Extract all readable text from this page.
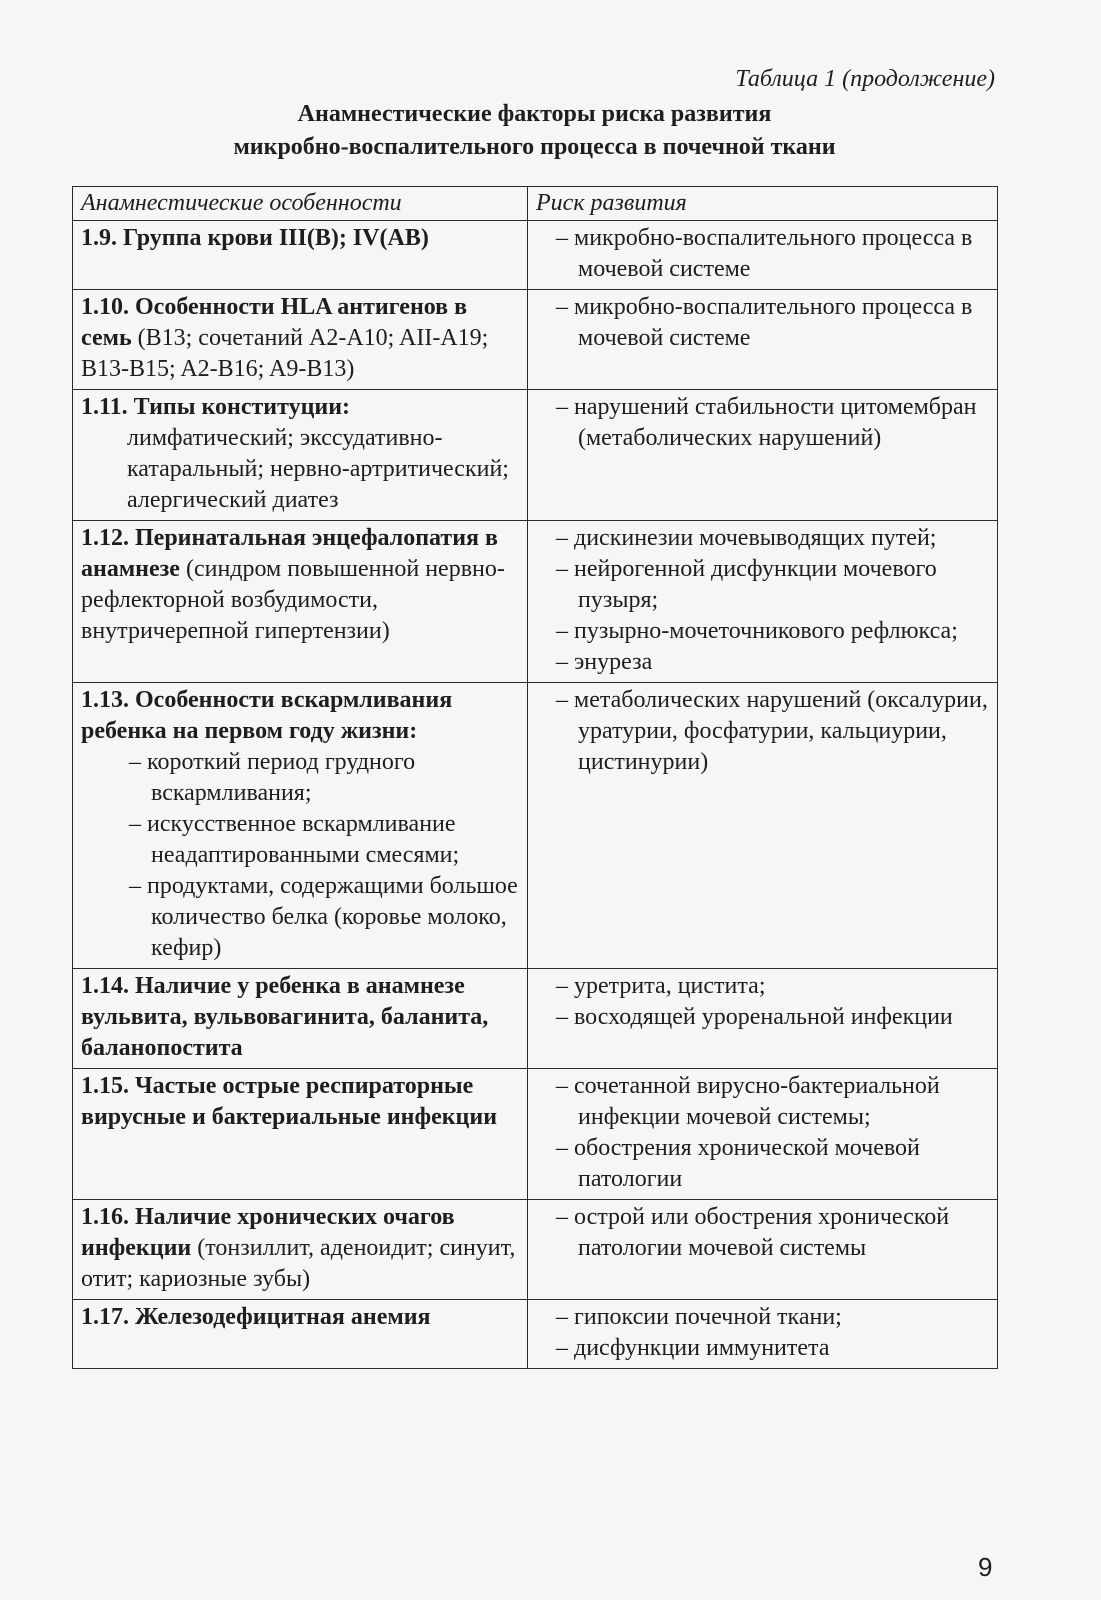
Таблица 1 (продолжение)
Анамнестические факторы риска развития
микробно-воспалительного процесса в почечной ткани
Анамнестические особенности	Риск развития
1.9. Группа крови III(B); IV(AB)	– микробно-воспалительного процесса в мочевой системе

1.10. Особенности HLA антигенов в семь (B13; сочетаний A2-A10; AII-A19; B13-B15; A2-B16; A9-B13)	– микробно-воспалительного процесса в мочевой системе

1.11. Типы конституции:
лимфатический; экссудативно-катаральный; нервно-артритический; алергический диатез	– нарушений стабильности цитомембран (метаболических нарушений)

1.12. Перинатальная энцефалопатия в анамнезе (синдром повышенной нервно-рефлекторной возбудимости, внутричерепной гипертензии)	– дискинезии мочевыводящих путей;
– нейрогенной дисфункции мочевого пузыря;
– пузырно-мочеточникового рефлюкса;
– энуреза

1.13. Особенности вскармливания ребенка на первом году жизни:
– короткий период грудного вскармливания;
– искусственное вскармливание неадаптированными смесями;
– продуктами, содержащими большое количество белка (коровье молоко, кефир)	– метаболических нарушений (оксалурии, уратурии, фосфатурии, кальциурии, цистинурии)

1.14. Наличие у ребенка в анамнезе вульвита, вульвовагинита, баланита, баланопостита	– уретрита, цистита;
– восходящей уроренальной инфекции

1.15. Частые острые респираторные вирусные и бактериальные инфекции	– сочетанной вирусно-бактериальной инфекции мочевой системы;
– обострения хронической мочевой патологии

1.16. Наличие хронических очагов инфекции (тонзиллит, аденоидит; синуит, отит; кариозные зубы)	– острой или обострения хронической патологии мочевой системы

1.17. Железодефицитная анемия	– гипоксии почечной ткани;
– дисфункции иммунитета
9
